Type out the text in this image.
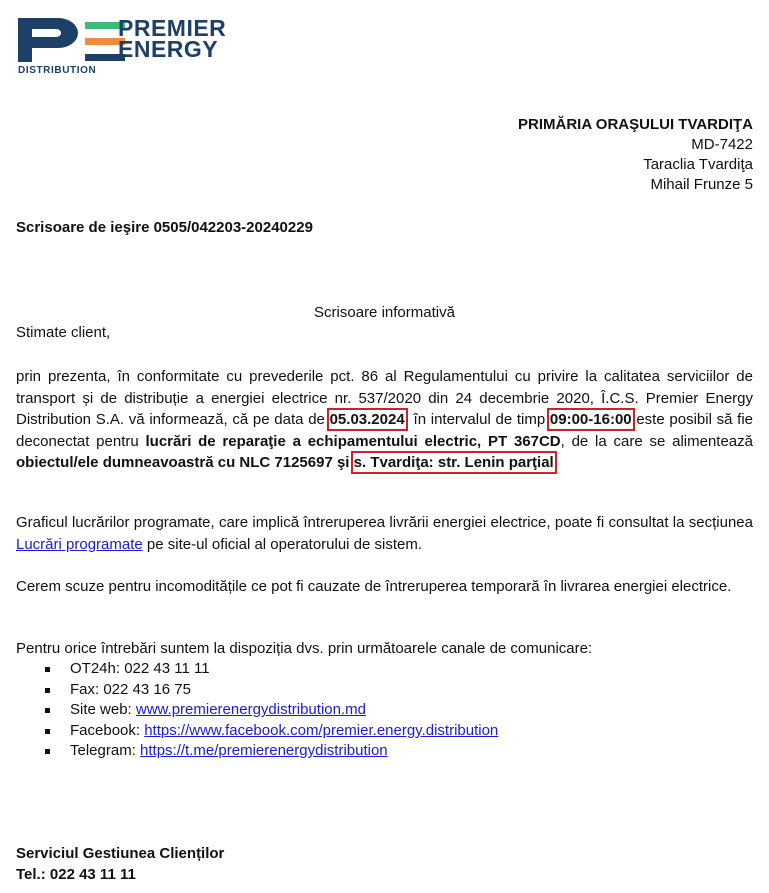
PREMIER
ENERGY
DISTRIBUTION
PRIMĂRIA ORAŞULUI TVARDIŢA
MD-7422
Taraclia Tvardiţa
Mihail Frunze 5
Scrisoare de ieşire 0505/042203-20240229
Scrisoare informativă
Stimate client,
prin prezenta, în conformitate cu prevederile pct. 86 al Regulamentului cu privire la calitatea serviciilor de transport și de distribuție a energiei electrice nr. 537/2020 din 24 decembrie 2020, Î.C.S. Premier Energy Distribution S.A. vă informează, că pe data de 05.03.2024, în intervalul de timp 09:00-16:00 este posibil să fie deconectat pentru lucrări de reparaţie a echipamentului electric, PT 367CD, de la care se alimentează obiectul/ele dumneavoastră cu NLC 7125697 şi s. Tvardiţa: str. Lenin parţial.
Graficul lucrărilor programate, care implică întreruperea livrării energiei electrice, poate fi consultat la secțiunea Lucrări programate pe site-ul oficial al operatorului de sistem.
Cerem scuze pentru incomoditățile ce pot fi cauzate de întreruperea temporară în livrarea energiei electrice.
Pentru orice întrebări suntem la dispoziția dvs. prin următoarele canale de comunicare:
OT24h: 022 43 11 11
Fax: 022 43 16 75
Site web: www.premierenergydistribution.md
Facebook: https://www.facebook.com/premier.energy.distribution
Telegram: https://t.me/premierenergydistribution
Serviciul Gestiunea Clienților
Tel.: 022 43 11 11
